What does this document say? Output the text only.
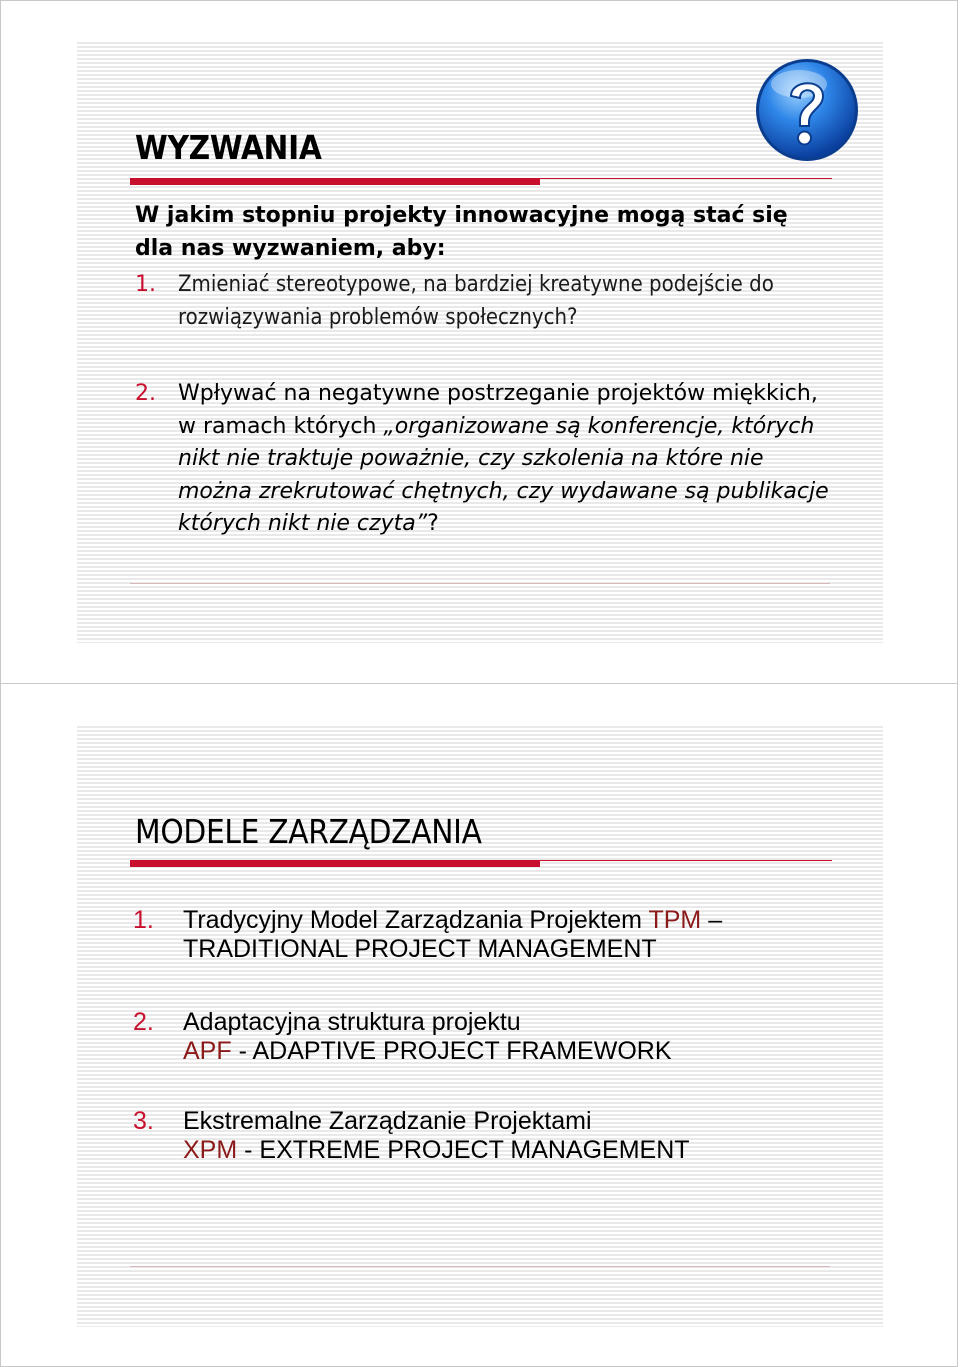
WYZWANIA
W jakim stopniu projekty innowacyjne mogą stać się dla nas wyzwaniem, aby:
1. Zmieniać stereotypowe, na bardziej kreatywne podejście do rozwiązywania problemów społecznych?
2. Wpływać na negatywne postrzeganie projektów miękkich, w ramach których „organizowane są konferencje, których nikt nie traktuje poważnie, czy szkolenia na które nie można zrekrutować chętnych, czy wydawane są publikacje których nikt nie czyta”?
MODELE ZARZĄDZANIA
1. Tradycyjny Model Zarządzania Projektem TPM –
TRADITIONAL PROJECT MANAGEMENT
2. Adaptacyjna struktura projektu
APF - ADAPTIVE PROJECT FRAMEWORK
3. Ekstremalne Zarządzanie Projektami
XPM - EXTREME PROJECT MANAGEMENT
